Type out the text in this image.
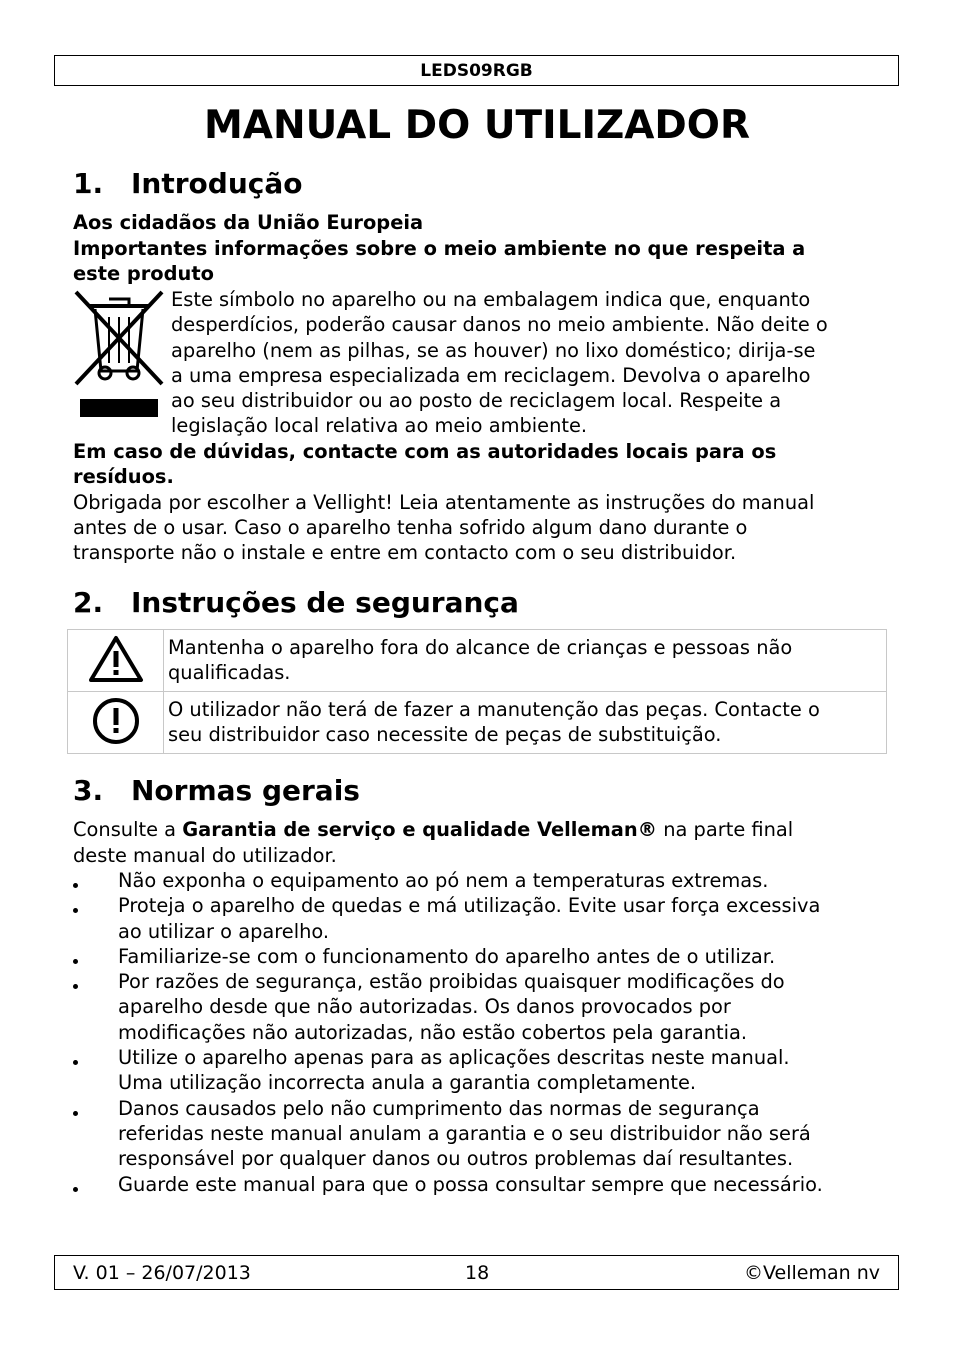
LEDS09RGB
MANUAL DO UTILIZADOR
1. Introdução

Aos cidadãos da União Europeia

Importantes informações sobre o meio ambiente no que respeita a

este produto

Este símbolo no aparelho ou na embalagem indica que, enquanto

desperdícios, poderão causar danos no meio ambiente. Não deite o

aparelho (nem as pilhas, se as houver) no lixo doméstico; dirija-se

a uma empresa especializada em reciclagem. Devolva o aparelho

ao seu distribuidor ou ao posto de reciclagem local. Respeite a

legislação local relativa ao meio ambiente.

Em caso de dúvidas, contacte com as autoridades locais para os

resíduos.

Obrigada por escolher a Vellight! Leia atentamente as instruções do manual

antes de o usar. Caso o aparelho tenha sofrido algum dano durante o

transporte não o instale e entre em contacto com o seu distribuidor.

2. Instruções de segurança

Mantenha o aparelho fora do alcance de crianças e pessoas não
qualificadas.

O utilizador não terá de fazer a manutenção das peças. Contacte o
seu distribuidor caso necessite de peças de substituição.
3. Normas gerais

Consulte a Garantia de serviço e qualidade Velleman® na parte final

deste manual do utilizador.

Não exponha o equipamento ao pó nem a temperaturas extremas.
Proteja o aparelho de quedas e má utilização. Evite usar força excessiva
ao utilizar o aparelho.
Familiarize-se com o funcionamento do aparelho antes de o utilizar.
Por razões de segurança, estão proibidas quaisquer modificações do
aparelho desde que não autorizadas. Os danos provocados por
modificações não autorizadas, não estão cobertos pela garantia.
Utilize o aparelho apenas para as aplicações descritas neste manual.
Uma utilização incorrecta anula a garantia completamente.
Danos causados pelo não cumprimento das normas de segurança
referidas neste manual anulam a garantia e o seu distribuidor não será
responsável por qualquer danos ou outros problemas daí resultantes.
Guarde este manual para que o possa consultar sempre que necessário.
V. 01 – 26/07/2013	18	©Velleman nv
